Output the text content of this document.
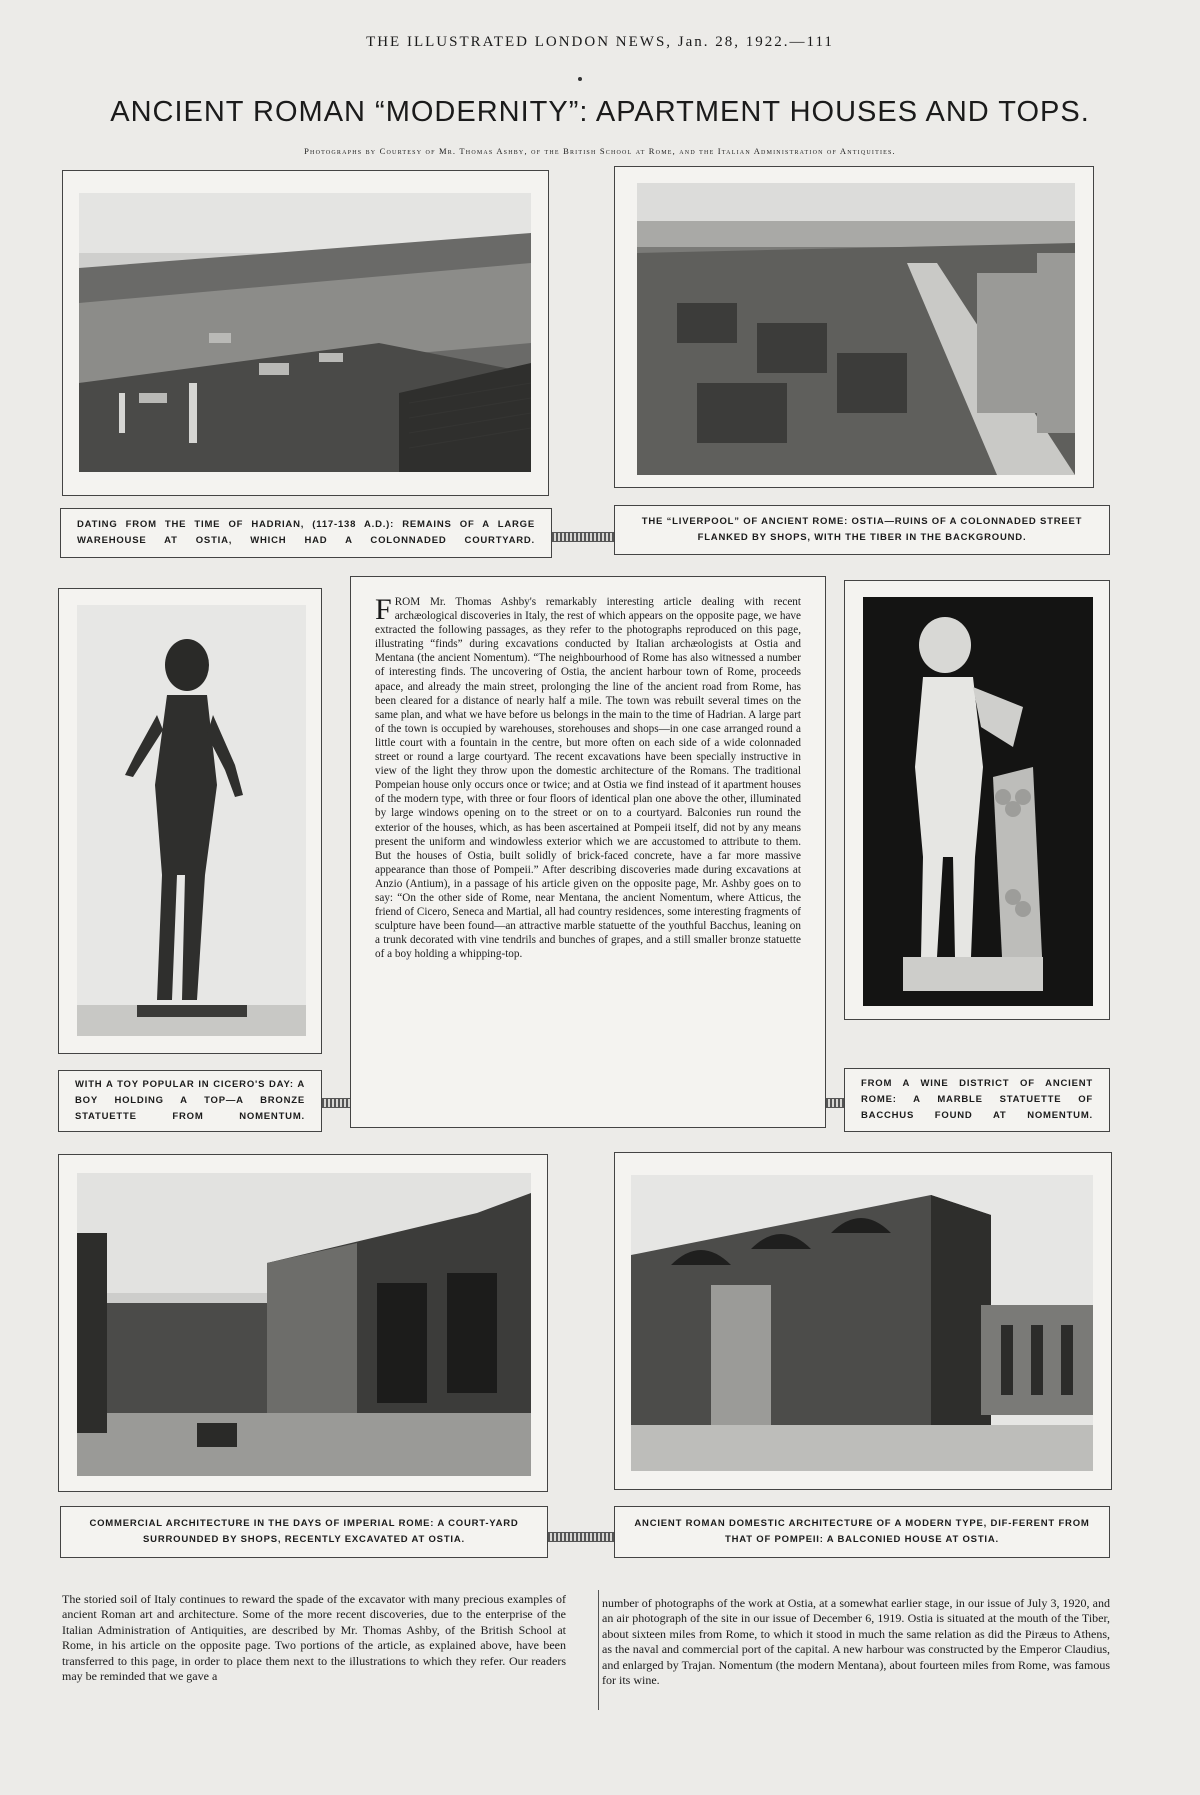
THE ILLUSTRATED LONDON NEWS, Jan. 28, 1922.—111
ANCIENT ROMAN “MODERNITY”: APARTMENT HOUSES AND TOPS.
Photographs by Courtesy of Mr. Thomas Ashby, of the British School at Rome, and the Italian Administration of Antiquities.
DATING FROM THE TIME OF HADRIAN, (117-138 A.D.): REMAINS OF A LARGE WAREHOUSE AT OSTIA, WHICH HAD A COLONNADED COURTYARD.
THE “LIVERPOOL” OF ANCIENT ROME: OSTIA—RUINS OF A COLONNADED STREET FLANKED BY SHOPS, WITH THE TIBER IN THE BACKGROUND.
FROM Mr. Thomas Ashby's remarkably interesting article dealing with recent archæological discoveries in Italy, the rest of which appears on the opposite page, we have extracted the following passages, as they refer to the photographs reproduced on this page, illustrating “finds” during excavations conducted by Italian archæologists at Ostia and Mentana (the ancient Nomentum). “The neighbourhood of Rome has also witnessed a number of interesting finds. The uncovering of Ostia, the ancient harbour town of Rome, proceeds apace, and already the main street, prolonging the line of the ancient road from Rome, has been cleared for a distance of nearly half a mile. The town was rebuilt several times on the same plan, and what we have before us belongs in the main to the time of Hadrian. A large part of the town is occupied by warehouses, storehouses and shops—in one case arranged round a little court with a fountain in the centre, but more often on each side of a wide colonnaded street or round a large courtyard. The recent excavations have been specially instructive in view of the light they throw upon the domestic architecture of the Romans. The traditional Pompeian house only occurs once or twice; and at Ostia we find instead of it apartment houses of the modern type, with three or four floors of identical plan one above the other, illuminated by large windows opening on to the street or on to a courtyard. Balconies run round the exterior of the houses, which, as has been ascertained at Pompeii itself, did not by any means present the uniform and windowless exterior which we are accustomed to attribute to them. But the houses of Ostia, built solidly of brick-faced concrete, have a far more massive appearance than those of Pompeii.” After describing discoveries made during excavations at Anzio (Antium), in a passage of his article given on the opposite page, Mr. Ashby goes on to say: “On the other side of Rome, near Mentana, the ancient Nomentum, where Atticus, the friend of Cicero, Seneca and Martial, all had country residences, some interesting fragments of sculpture have been found—an attractive marble statuette of the youthful Bacchus, leaning on a trunk decorated with vine tendrils and bunches of grapes, and a still smaller bronze statuette of a boy holding a whipping-top.
WITH A TOY POPULAR IN CICERO'S DAY: A BOY HOLDING A TOP—A BRONZE STATUETTE FROM NOMENTUM.
FROM A WINE DISTRICT OF ANCIENT ROME: A MARBLE STATUETTE OF BACCHUS FOUND AT NOMENTUM.
COMMERCIAL ARCHITECTURE IN THE DAYS OF IMPERIAL ROME: A COURT-YARD SURROUNDED BY SHOPS, RECENTLY EXCAVATED AT OSTIA.
ANCIENT ROMAN DOMESTIC ARCHITECTURE OF A MODERN TYPE, DIF-FERENT FROM THAT OF POMPEII: A BALCONIED HOUSE AT OSTIA.
The storied soil of Italy continues to reward the spade of the excavator with many precious examples of ancient Roman art and architecture. Some of the more recent discoveries, due to the enterprise of the Italian Administration of Antiquities, are described by Mr. Thomas Ashby, of the British School at Rome, in his article on the opposite page. Two portions of the article, as explained above, have been transferred to this page, in order to place them next to the illustrations to which they refer. Our readers may be reminded that we gave a
number of photographs of the work at Ostia, at a somewhat earlier stage, in our issue of July 3, 1920, and an air photograph of the site in our issue of December 6, 1919. Ostia is situated at the mouth of the Tiber, about sixteen miles from Rome, to which it stood in much the same relation as did the Piræus to Athens, as the naval and commercial port of the capital. A new harbour was constructed by the Emperor Claudius, and enlarged by Trajan. Nomentum (the modern Mentana), about fourteen miles from Rome, was famous for its wine.
